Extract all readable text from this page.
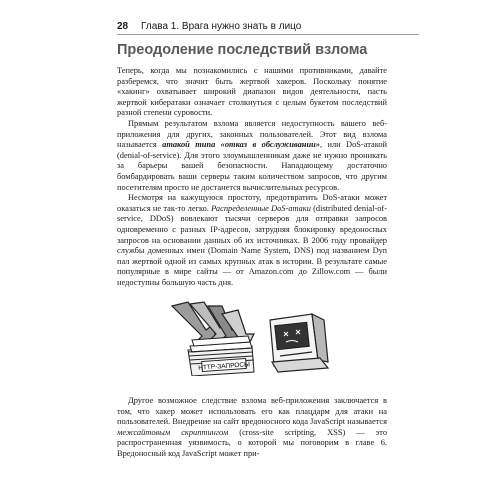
28	Глава 1. Врага нужно знать в лицо
Преодоление последствий взлома

Теперь, когда мы познакомились с нашими противниками, давайте разберемся, что значит быть жертвой хакеров. Поскольку понятие «хакинг» охватывает широкий диапазон видов деятельности, пасть жертвой кибератаки означает столкнуться с целым букетом последствий разной степени суровости.

Прямым результатом взлома является недоступность вашего веб-приложения для других, законных пользователей. Этот вид взлома называется атакой типа «отказ в обслуживании», или DoS-атакой (denial-of-service). Для этого злоумышленникам даже не нужно проникать за барьеры вашей безопасности. Нападающему достаточно бомбардировать ваши серверы таким количеством запросов, что другим посетителям просто не достанется вычислительных ресурсов.

Несмотря на кажущуюся простоту, предотвратить DoS-атаки может оказаться не так-то легко. Распределенные DoS-атаки (distributed denial-of-service, DDoS) вовлекают тысячи серверов для отправки запросов одновременно с разных IP-адресов, затрудняя блокировку вредоносных запросов на основании данных об их источниках. В 2006 году провайдер службы доменных имен (Domain Name System, DNS) под названием Dyn пал жертвой одной из самых крупных атак в истории. В результате самые популярные в мире сайты — от Amazon.com до Zillow.com — были недоступны большую часть дня.

HTTP-ЗАПРОСЫ

Другое возможное следствие взлома веб-приложения заключается в том, что хакер может использовать его как плацдарм для атаки на пользователей. Внедрение на сайт вредоносного кода JavaScript называется межсайтовым скриптингом (cross-site scripting, XSS) — это распространенная уязвимость, о которой мы поговорим в главе 6. Вредоносный код JavaScript может при-
